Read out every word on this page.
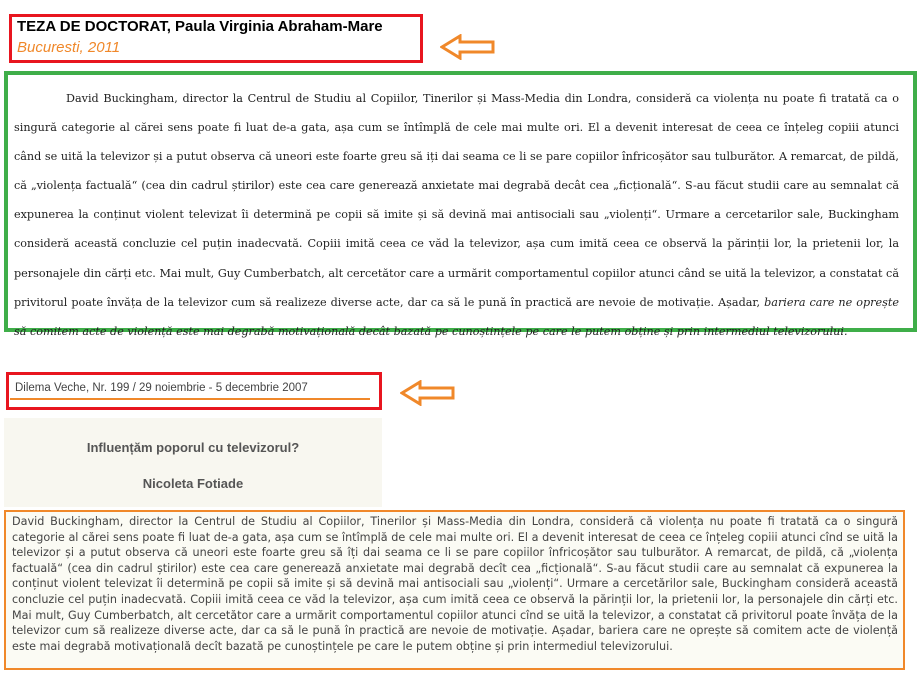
TEZA DE DOCTORAT, Paula Virginia Abraham-Mare
Bucuresti, 2011
David Buckingham, director la Centrul de Studiu al Copiilor, Tinerilor și Mass-Media din Londra, consideră ca violența nu poate fi tratată ca o singură categorie al cărei sens poate fi luat de-a gata, așa cum se întîmplă de cele mai multe ori. El a devenit interesat de ceea ce înțeleg copiii atunci când se uită la televizor și a putut observa că uneori este foarte greu să iți dai seama ce li se pare copiilor înfricoșător sau tulburător. A remarcat, de pildă, că „violența factuală“ (cea din cadrul știrilor) este cea care generează anxietate mai degrabă decât cea „ficțională“. S-au făcut studii care au semnalat că expunerea la conținut violent televizat îi determină pe copii să imite și să devină mai antisociali sau „violenți“. Urmare a cercetarilor sale, Buckingham consideră această concluzie cel puțin inadecvată. Copiii imită ceea ce văd la televizor, așa cum imită ceea ce observă la părinții lor, la prietenii lor, la personajele din cărți etc. Mai mult, Guy Cumberbatch, alt cercetător care a urmărit comportamentul copiilor atunci când se uită la televizor, a constatat că privitorul poate învăța de la televizor cum să realizeze diverse acte, dar ca să le pună în practică are nevoie de motivație. Așadar, bariera care ne oprește să comitem acte de violență este mai degrabă motivațională decât bazată pe cunoștințele pe care le putem obține și prin intermediul televizorului.
Dilema Veche, Nr. 199 / 29 noiembrie - 5 decembrie 2007
Influențăm poporul cu televizorul?
Nicoleta Fotiade
David Buckingham, director la Centrul de Studiu al Copiilor, Tinerilor și Mass-Media din Londra, consideră că violența nu poate fi tratată ca o singură categorie al cărei sens poate fi luat de-a gata, așa cum se întîmplă de cele mai multe ori. El a devenit interesat de ceea ce înțeleg copiii atunci cînd se uită la televizor și a putut observa că uneori este foarte greu să îți dai seama ce li se pare copiilor înfricoșător sau tulburător. A remarcat, de pildă, că „violența factuală“ (cea din cadrul știrilor) este cea care generează anxietate mai degrabă decît cea „ficțională“. S-au făcut studii care au semnalat că expunerea la conținut violent televizat îi determină pe copii să imite și să devină mai antisociali sau „violenți“. Urmare a cercetărilor sale, Buckingham consideră această concluzie cel puțin inadecvată. Copiii imită ceea ce văd la televizor, așa cum imită ceea ce observă la părinții lor, la prietenii lor, la personajele din cărți etc. Mai mult, Guy Cumberbatch, alt cercetător care a urmărit comportamentul copiilor atunci cînd se uită la televizor, a constatat că privitorul poate învăța de la televizor cum să realizeze diverse acte, dar ca să le pună în practică are nevoie de motivație. Așadar, bariera care ne oprește să comitem acte de violență este mai degrabă motivațională decît bazată pe cunoștințele pe care le putem obține și prin intermediul televizorului.
